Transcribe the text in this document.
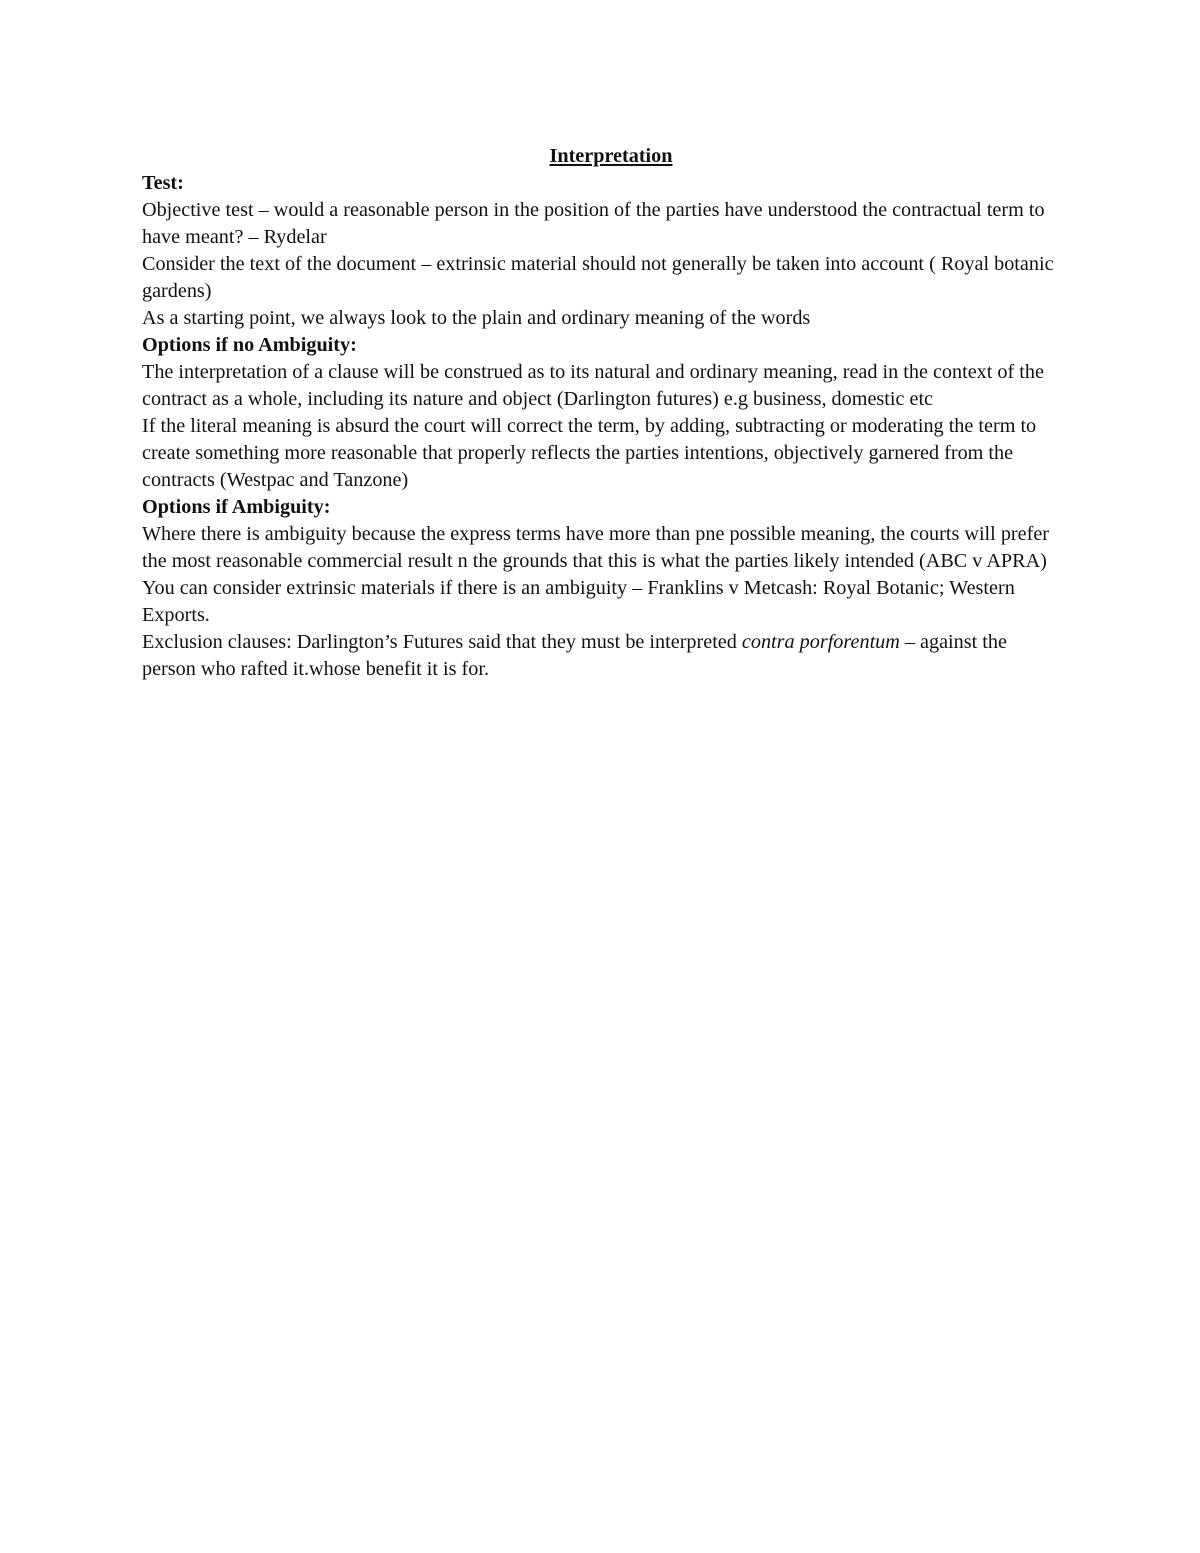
Interpretation

Test:

Objective test – would a reasonable person in the position of the parties have understood the contractual term to have meant? – Rydelar

Consider the text of the document – extrinsic material should not generally be taken into account ( Royal botanic gardens)

As a starting point, we always look to the plain and ordinary meaning of the words

Options if no Ambiguity:

The interpretation of a clause will be construed as to its natural and ordinary meaning, read in the context of the contract as a whole, including its nature and object (Darlington futures) e.g business, domestic etc

If the literal meaning is absurd the court will correct the term, by adding, subtracting or moderating the term to create something more reasonable that properly reflects the parties intentions, objectively garnered from the contracts (Westpac and Tanzone)

Options if Ambiguity:

Where there is ambiguity because the express terms have more than pne possible meaning, the courts will prefer the most reasonable commercial result n the grounds that this is what the parties likely intended (ABC v APRA)

You can consider extrinsic materials if there is an ambiguity – Franklins v Metcash: Royal Botanic; Western Exports.

Exclusion clauses: Darlington’s Futures said that they must be interpreted contra porforentum – against the person who rafted it.whose benefit it is for.
